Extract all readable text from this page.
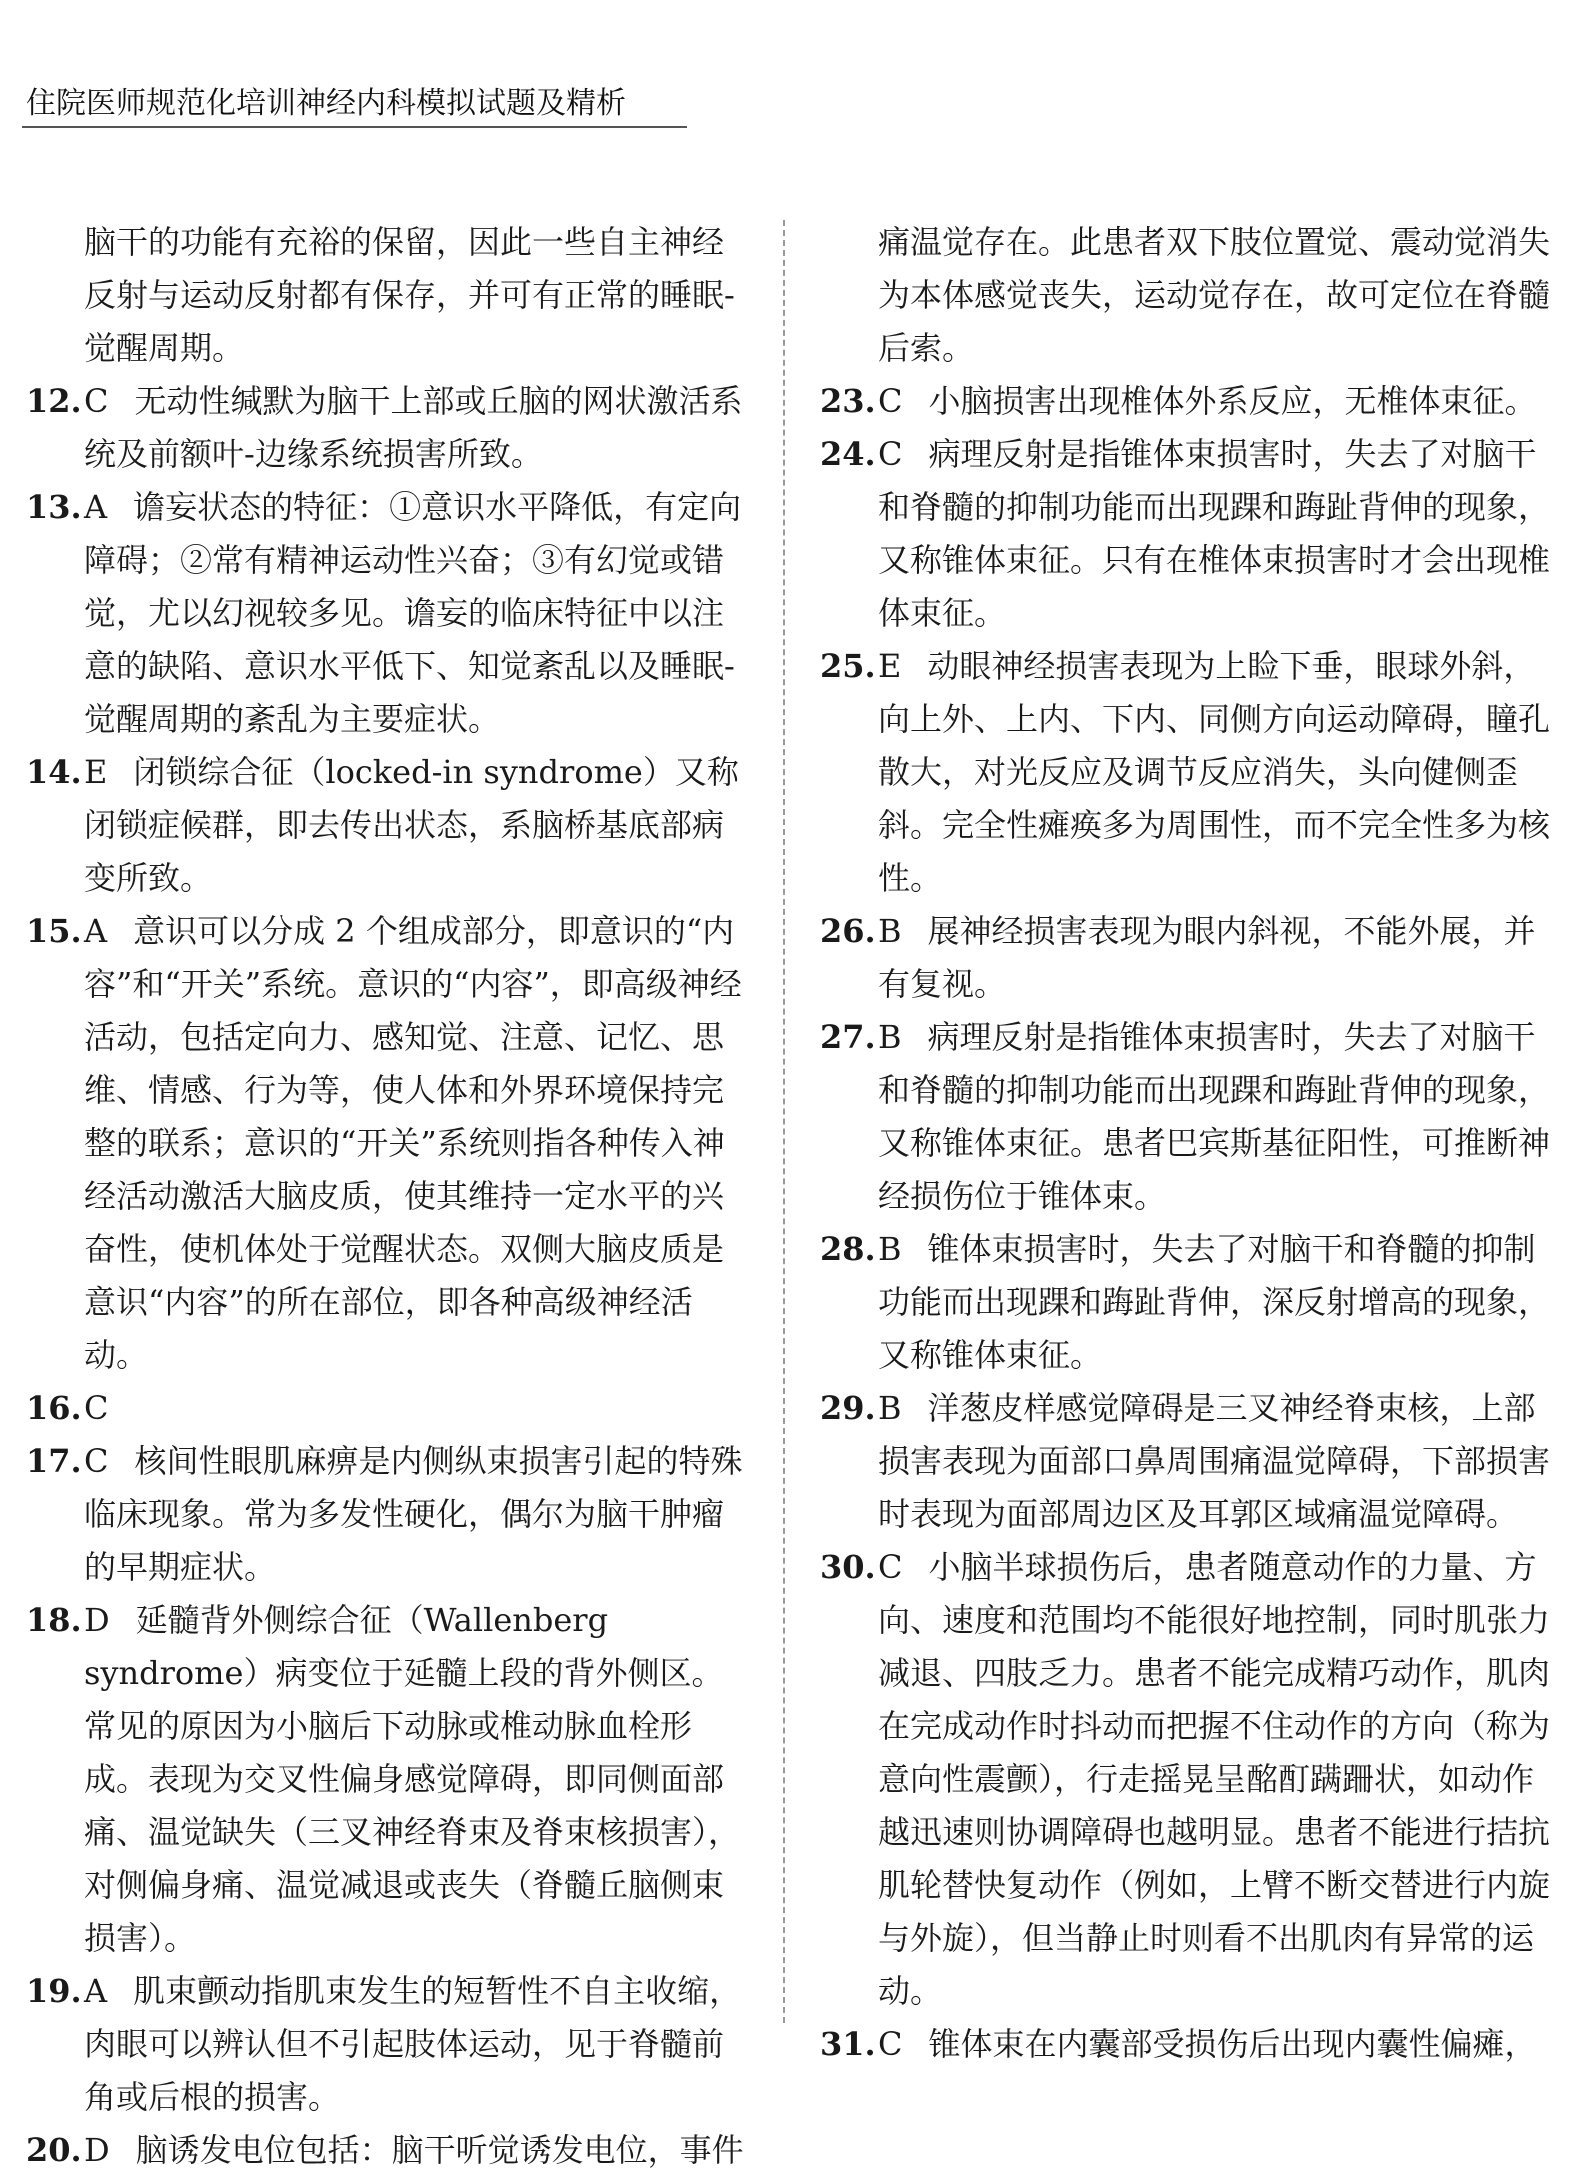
住院医师规范化培训神经内科模拟试题及精析

脑干的功能有充裕的保留，因此一些自主神经反射与运动反射都有保存，并可有正常的睡眠-觉醒周期。

12. C 无动性缄默为脑干上部或丘脑的网状激活系统及前额叶-边缘系统损害所致。

13. A 谵妄状态的特征：①意识水平降低，有定向障碍；②常有精神运动性兴奋；③有幻觉或错觉，尤以幻视较多见。谵妄的临床特征中以注意的缺陷、意识水平低下、知觉紊乱以及睡眠-觉醒周期的紊乱为主要症状。

14. E 闭锁综合征（locked-in syndrome）又称闭锁症候群，即去传出状态，系脑桥基底部病变所致。

15. A 意识可以分成 2 个组成部分，即意识的“内容”和“开关”系统。意识的“内容”，即高级神经活动，包括定向力、感知觉、注意、记忆、思维、情感、行为等，使人体和外界环境保持完整的联系；意识的“开关”系统则指各种传入神经活动激活大脑皮质，使其维持一定水平的兴奋性，使机体处于觉醒状态。双侧大脑皮质是意识“内容”的所在部位，即各种高级神经活动。

16. C

17. C 核间性眼肌麻痹是内侧纵束损害引起的特殊临床现象。常为多发性硬化，偶尔为脑干肿瘤的早期症状。

18. D 延髓背外侧综合征（Wallenberg syndrome）病变位于延髓上段的背外侧区。常见的原因为小脑后下动脉或椎动脉血栓形成。表现为交叉性偏身感觉障碍，即同侧面部痛、温觉缺失（三叉神经脊束及脊束核损害），对侧偏身痛、温觉减退或丧失（脊髓丘脑侧束损害）。

19. A 肌束颤动指肌束发生的短暂性不自主收缩，肉眼可以辨认但不引起肢体运动，见于脊髓前角或后根的损害。

20. D 脑诱发电位包括：脑干听觉诱发电位，事件

痛温觉存在。此患者双下肢位置觉、震动觉消失为本体感觉丧失，运动觉存在，故可定位在脊髓后索。

23. C 小脑损害出现椎体外系反应，无椎体束征。

24. C 病理反射是指锥体束损害时，失去了对脑干和脊髓的抑制功能而出现踝和踇趾背伸的现象，又称锥体束征。只有在椎体束损害时才会出现椎体束征。

25. E 动眼神经损害表现为上睑下垂，眼球外斜，向上外、上内、下内、同侧方向运动障碍，瞳孔散大，对光反应及调节反应消失，头向健侧歪斜。完全性瘫痪多为周围性，而不完全性多为核性。

26. B 展神经损害表现为眼内斜视，不能外展，并有复视。

27. B 病理反射是指锥体束损害时，失去了对脑干和脊髓的抑制功能而出现踝和踇趾背伸的现象，又称锥体束征。患者巴宾斯基征阳性，可推断神经损伤位于锥体束。

28. B 锥体束损害时，失去了对脑干和脊髓的抑制功能而出现踝和踇趾背伸，深反射增高的现象，又称锥体束征。

29. B 洋葱皮样感觉障碍是三叉神经脊束核，上部损害表现为面部口鼻周围痛温觉障碍，下部损害时表现为面部周边区及耳郭区域痛温觉障碍。

30. C 小脑半球损伤后，患者随意动作的力量、方向、速度和范围均不能很好地控制，同时肌张力减退、四肢乏力。患者不能完成精巧动作，肌肉在完成动作时抖动而把握不住动作的方向（称为意向性震颤），行走摇晃呈酩酊蹒跚状，如动作越迅速则协调障碍也越明显。患者不能进行拮抗肌轮替快复动作（例如，上臂不断交替进行内旋与外旋），但当静止时则看不出肌肉有异常的运动。

31. C 锥体束在内囊部受损伤后出现内囊性偏瘫，
